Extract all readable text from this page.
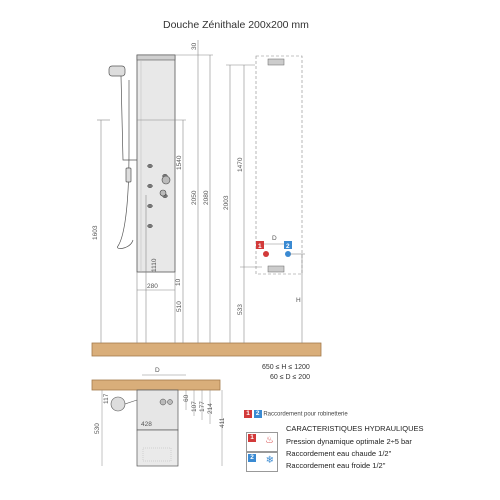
Douche Zénithale 200x200 mm
1603
1110
280
10
30
1540
2050 2080
510
2003
1470
533
D
1	2
H
D
117	60
107 177 214
411
530	428
650 ≤ H ≤ 1200
60 ≤ D ≤ 200
1 2 Raccordement pour robinetterie
CARACTERISTIQUES HYDRAULIQUES
1 ♨ Pression dynamique optimale 2÷5 bar
2 ❄
Raccordement eau chaude 1/2"
Raccordement eau froide 1/2"
